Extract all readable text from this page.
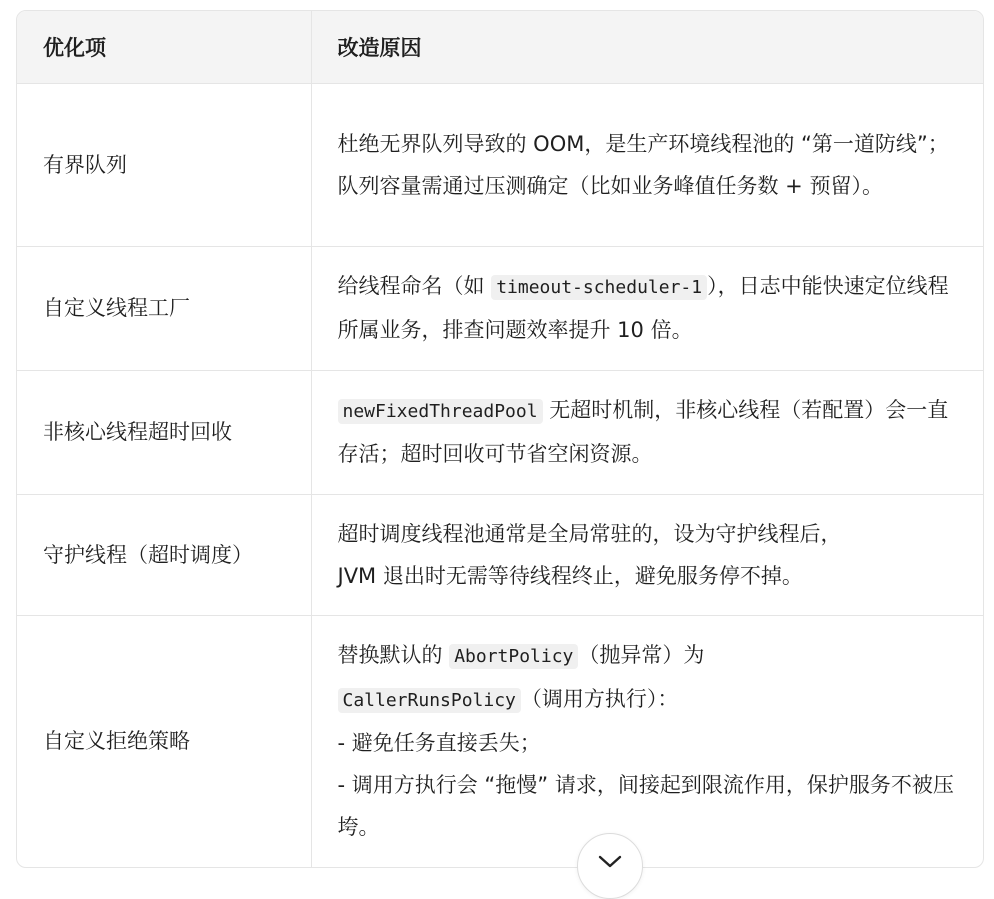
优化项	改造原因
有界队列	杜绝无界队列导致的 OOM，是生产环境线程池的 “第一道防线”；队列容量需通过压测确定（比如业务峰值任务数 + 预留）。
自定义线程工厂	给线程命名（如 timeout-scheduler-1 ），日志中能快速定位线程所属业务，排查问题效率提升 10 倍。
非核心线程超时回收	newFixedThreadPool 无超时机制，非核心线程（若配置）会一直存活；超时回收可节省空闲资源。
守护线程（超时调度）	超时调度线程池通常是全局常驻的，设为守护线程后，
JVM 退出时无需等待线程终止，避免服务停不掉。

自定义拒绝策略	替换默认的 AbortPolicy （抛异常）为
CallerRunsPolicy （调用方执行）：
- 避免任务直接丢失；
- 调用方执行会 “拖慢” 请求，间接起到限流作用，保护服务不被压垮。
